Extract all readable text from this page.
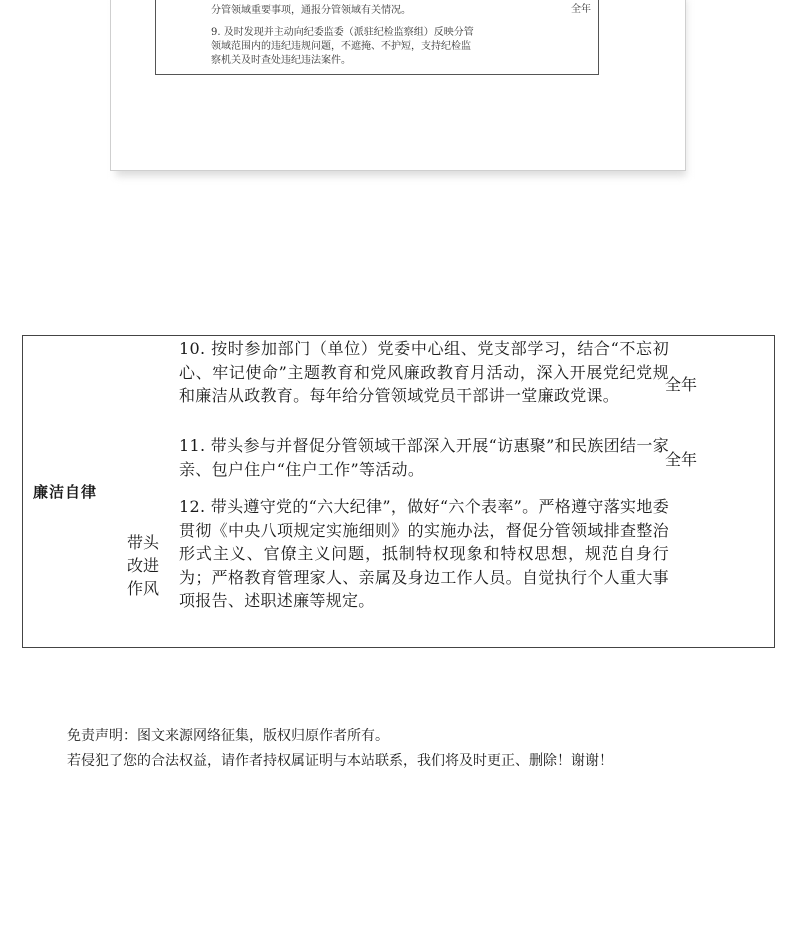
分管领域重要事项，通报分管领域有关情况。
9. 及时发现并主动向纪委监委（派驻纪检监察组）反映分管
领域范围内的违纪违规问题，不遮掩、不护短，支持纪检监
察机关及时查处违纪违法案件。
全年
廉洁自律
带头
改进
作风
10. 按时参加部门（单位）党委中心组、党支部学习，结合“不忘初心、牢记使命”主题教育和党风廉政教育月活动，深入开展党纪党规和廉洁从政教育。每年给分管领域党员干部讲一堂廉政党课。
全年
11. 带头参与并督促分管领域干部深入开展“访惠聚”和民族团结一家亲、包户住户“住户工作”等活动。	全年
12. 带头遵守党的“六大纪律”，做好“六个表率”。严格遵守落实地委贯彻《中央八项规定实施细则》的实施办法，督促分管领域排查整治形式主义、官僚主义问题，抵制特权现象和特权思想，规范自身行为；严格教育管理家人、亲属及身边工作人员。自觉执行个人重大事项报告、述职述廉等规定。
免责声明：图文来源网络征集，版权归原作者所有。
若侵犯了您的合法权益，请作者持权属证明与本站联系，我们将及时更正、删除！谢谢！
